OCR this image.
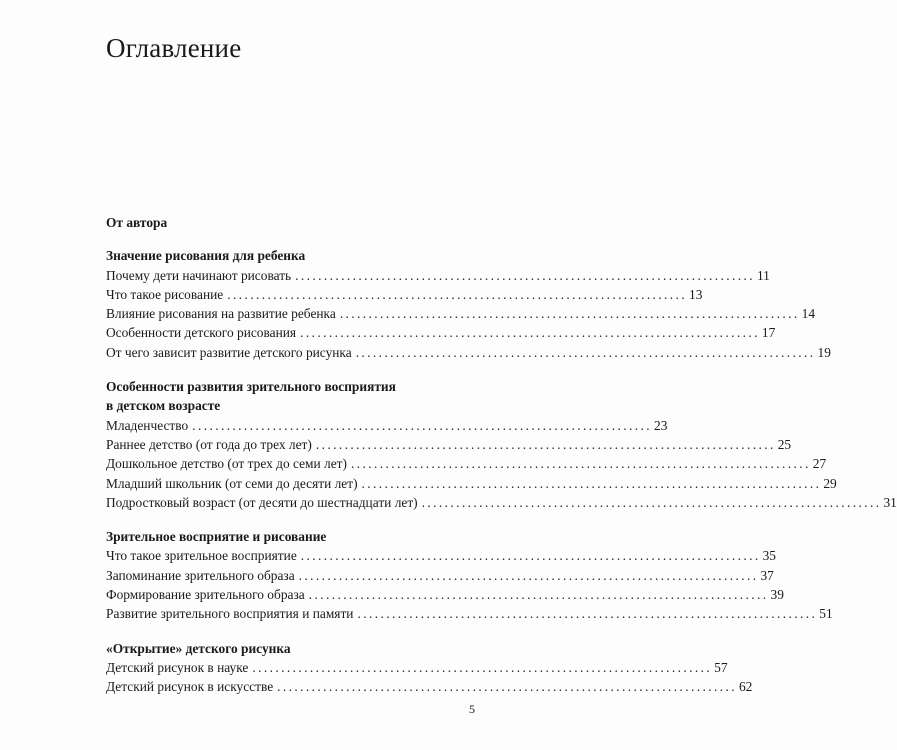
Оглавление

От автора

Значение рисования для ребенка

Почему дети начинают рисовать ................................................................................ 11
Что такое рисование ................................................................................ 13
Влияние рисования на развитие ребенка ................................................................................ 14
Особенности детского рисования ................................................................................ 17
От чего зависит развитие детского рисунка ................................................................................ 19

Особенности развития зрительного восприятия

в детском возрасте

Младенчество ................................................................................ 23
Раннее детство (от года до трех лет) ................................................................................ 25
Дошкольное детство (от трех до семи лет) ................................................................................ 27
Младший школьник (от семи до десяти лет) ................................................................................ 29
Подростковый возраст (от десяти до шестнадцати лет) ................................................................................ 31

Зрительное восприятие и рисование

Что такое зрительное восприятие ................................................................................ 35
Запоминание зрительного образа ................................................................................ 37
Формирование зрительного образа ................................................................................ 39
Развитие зрительного восприятия и памяти ................................................................................ 51

«Открытие» детского рисунка

Детский рисунок в науке ................................................................................ 57
Детский рисунок в искусстве ................................................................................ 62
5
